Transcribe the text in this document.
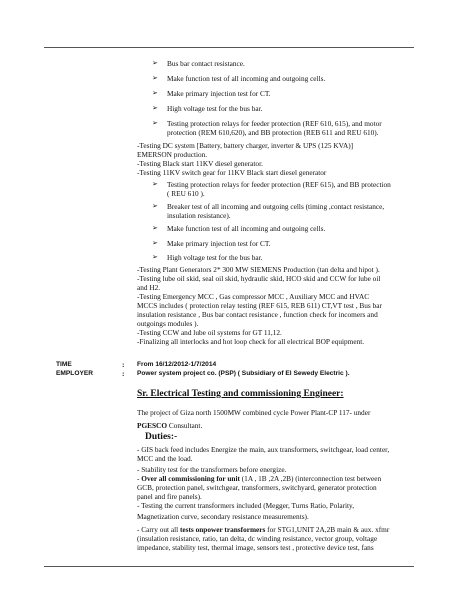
➢ Bus bar contact resistance.
➢ Make function test of all incoming and outgoing cells.
➢ Make primary injection test for CT.
➢ High voltage test for the bus bar.
➢ Testing protection relays for feeder protection (REF 610, 615), and motor
protection (REM 610,620), and BB protection (REB 611 and REU 610).
-Testing DC system [Battery, battery charger, inverter & UPS (125 KVA)]
EMERSON production.
-Testing Black start 11KV diesel generator.
-Testing 11KV switch gear for 11KV Black start diesel generator
➢ Testing protection relays for feeder protection (REF 615), and BB protection
( REU 610 ).
➢ Breaker test of all incoming and outgoing cells (timing ,contact resistance,
insulation resistance).
➢ Make function test of all incoming and outgoing cells.
➢ Make primary injection test for CT.
➢ High voltage test for the bus bar.
-Testing Plant Generators 2* 300 MW SIEMENS Production (tan delta and hipot ).
-Testing lube oil skid, seal oil skid, hydraulic skid, HCO skid and CCW for lube oil
and H2.
-Testing Emergency MCC , Gas compressor MCC , Auxiliary MCC and HVAC
MCCS includes ( protection relay testing (REF 615, REB 611) CT,VT test , Bus bar
insulation resistance , Bus bar contact resistance , function check for incomers and
outgoings modules ).
-Testing CCW and lube oil systems for GT 11,12.
-Finalizing all interlocks and hot loop check for all electrical BOP equipment.
TIME	: From 16/12/2012-1/7/2014
EMPLOYER	: Power system project co. (PSP) ( Subsidiary of El Sewedy Electric ).
Sr. Electrical Testing and commissioning Engineer:
The project of Giza north 1500MW combined cycle Power Plant-CP 117- under
PGESCO Consultant.
Duties:-
- GIS back feed includes Energize the main, aux transformers, switchgear, load center,
MCC and the load.
- Stability test for the transformers before energize.
- Over all commissioning for unit (1A , 1B ,2A ,2B) (interconnection test between
GCB, protection panel, switchgear, transformers, switchyard, generator protection
panel and fire panels).
- Testing the current transformers included (Megger, Turns Ratio, Polarity,
Magnetization curve, secondary resistance measurements).
- Carry out all tests onpower transformers for STG1,UNIT 2A,2B main & aux. xfmr
(insulation resistance, ratio, tan delta, dc winding resistance, vector group, voltage
impedance, stability test, thermal image, sensors test , protective device test, fans
